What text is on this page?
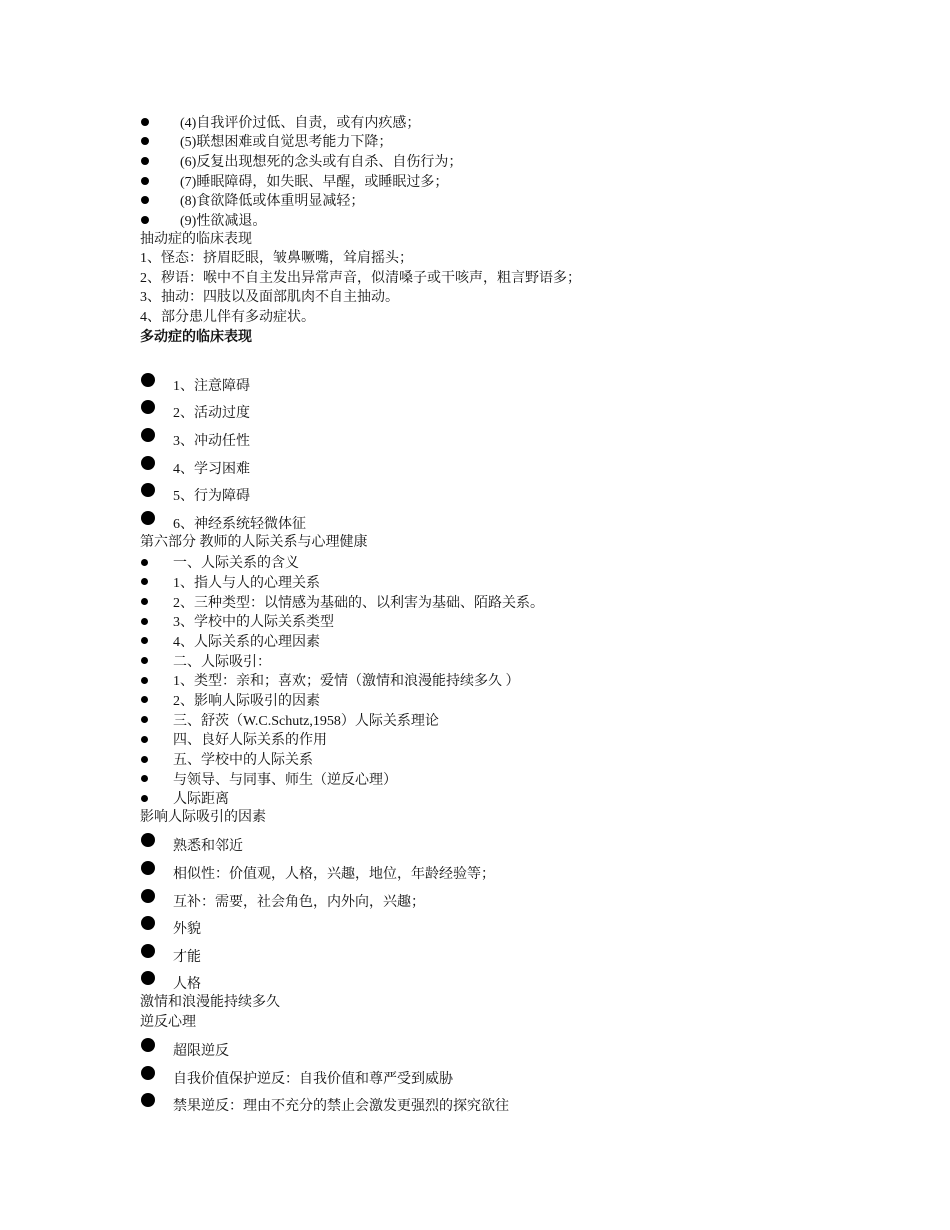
(4)自我评价过低、自责，或有内疚感；
(5)联想困难或自觉思考能力下降；
(6)反复出现想死的念头或有自杀、自伤行为；
(7)睡眠障碍，如失眠、早醒，或睡眠过多；
(8)食欲降低或体重明显减轻；
(9)性欲减退。
抽动症的临床表现
1、怪态：挤眉眨眼，皱鼻噘嘴，耸肩摇头；
2、秽语：喉中不自主发出异常声音，似清嗓子或干咳声，粗言野语多；
3、抽动：四肢以及面部肌肉不自主抽动。
4、部分患儿伴有多动症状。
多动症的临床表现
1、注意障碍
2、活动过度
3、冲动任性
4、学习困难
5、行为障碍
6、神经系统轻微体征
第六部分 教师的人际关系与心理健康
一、人际关系的含义
1、指人与人的心理关系
2、三种类型：以情感为基础的、以利害为基础、陌路关系。
3、学校中的人际关系类型
4、人际关系的心理因素
二、人际吸引：
1、类型：亲和；喜欢；爱情（激情和浪漫能持续多久 ）
2、影响人际吸引的因素
三、舒茨（W.C.Schutz,1958）人际关系理论
四、良好人际关系的作用
五、学校中的人际关系
与领导、与同事、师生（逆反心理）
人际距离
影响人际吸引的因素
熟悉和邻近
相似性：价值观，人格，兴趣，地位，年龄经验等；
互补：需要，社会角色，内外向，兴趣；
外貌
才能
人格
激情和浪漫能持续多久
逆反心理
超限逆反
自我价值保护逆反：自我价值和尊严受到威胁
禁果逆反：理由不充分的禁止会激发更强烈的探究欲往
